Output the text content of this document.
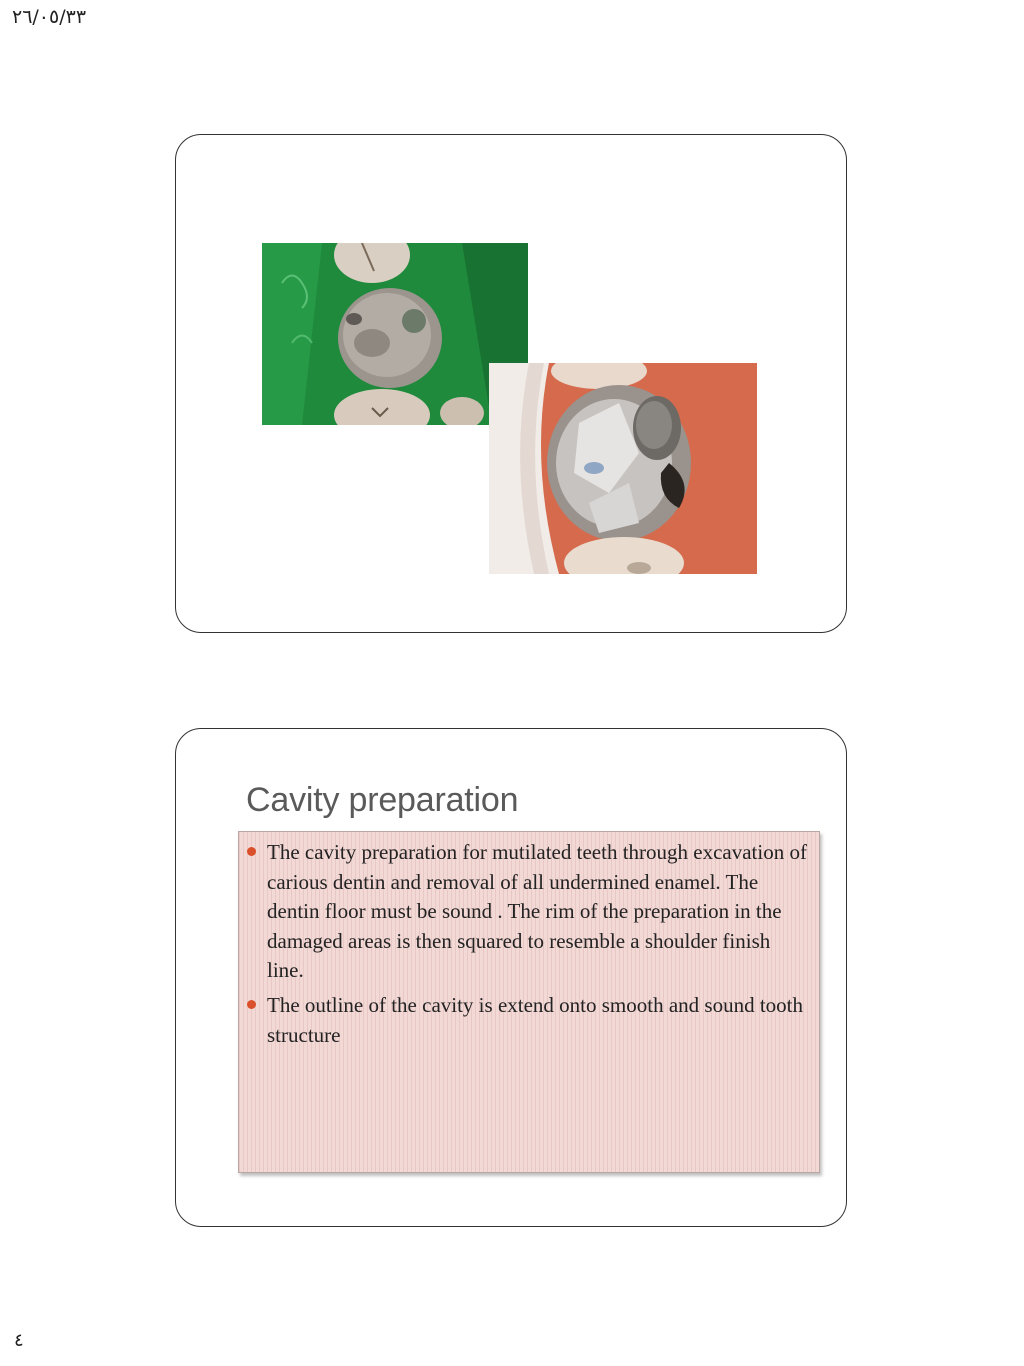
٢٦/٠٥/٣٣
Cavity preparation
The cavity preparation for mutilated teeth through excavation of carious dentin and removal of all undermined enamel. The dentin floor must be sound . The rim of the preparation in the damaged areas is then squared to resemble a shoulder finish line.
The outline of the cavity is extend onto smooth and sound tooth structure
٤
